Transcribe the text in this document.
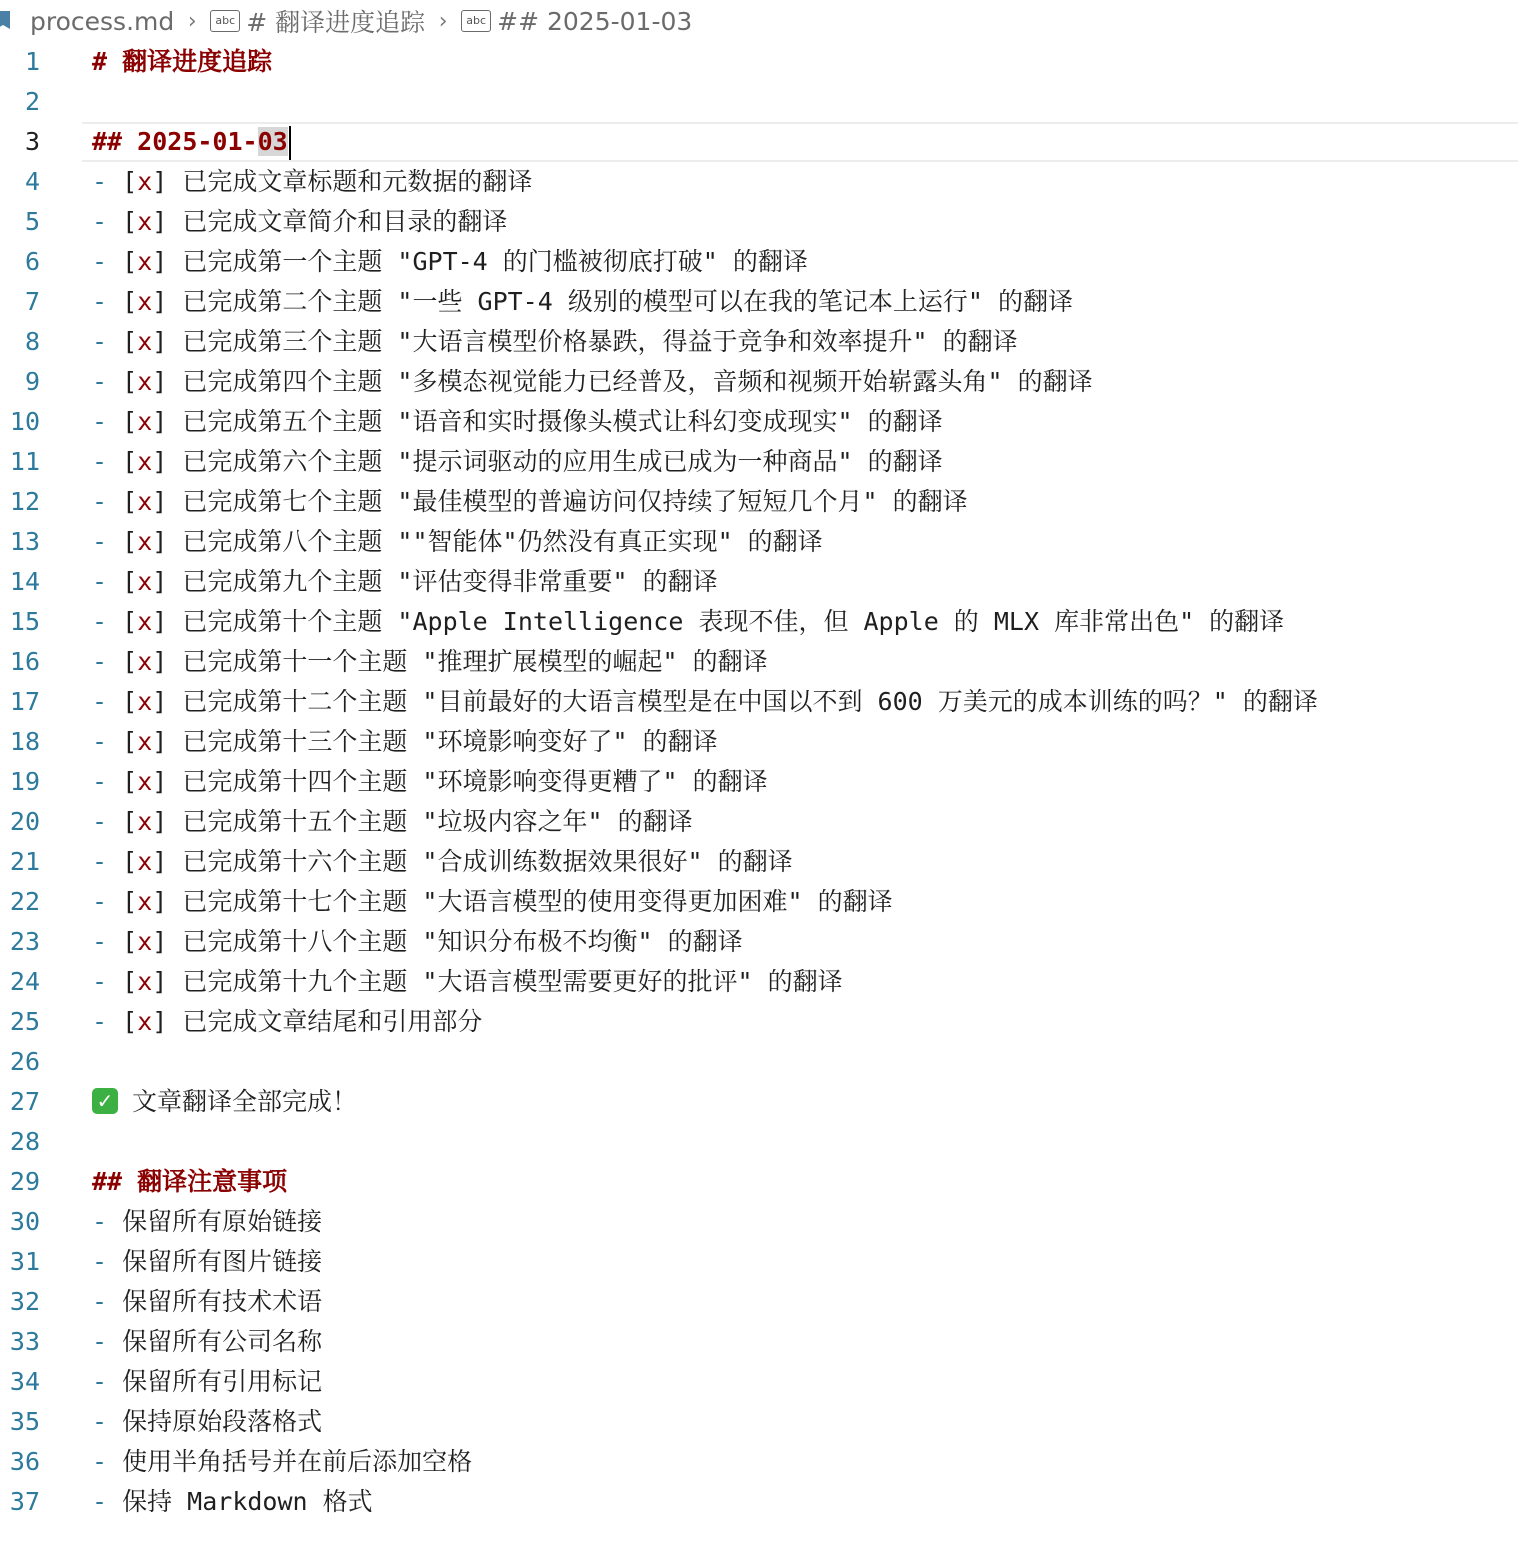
process.md ›	abc # 翻译进度追踪 ›	abc ## 2025-01-03
1 # 翻译进度追踪
2
3 ## 2025-01-03
4 - [x] 已完成文章标题和元数据的翻译
5 - [x] 已完成文章简介和目录的翻译
6 - [x] 已完成第一个主题 "GPT-4 的门槛被彻底打破" 的翻译
7 - [x] 已完成第二个主题 "一些 GPT-4 级别的模型可以在我的笔记本上运行" 的翻译
8 - [x] 已完成第三个主题 "大语言模型价格暴跌，得益于竞争和效率提升" 的翻译
9 - [x] 已完成第四个主题 "多模态视觉能力已经普及，音频和视频开始崭露头角" 的翻译
10 - [x] 已完成第五个主题 "语音和实时摄像头模式让科幻变成现实" 的翻译
11 - [x] 已完成第六个主题 "提示词驱动的应用生成已成为一种商品" 的翻译
12 - [x] 已完成第七个主题 "最佳模型的普遍访问仅持续了短短几个月" 的翻译
13 - [x] 已完成第八个主题 ""智能体"仍然没有真正实现" 的翻译
14 - [x] 已完成第九个主题 "评估变得非常重要" 的翻译
15 - [x] 已完成第十个主题 "Apple Intelligence 表现不佳，但 Apple 的 MLX 库非常出色" 的翻译
16 - [x] 已完成第十一个主题 "推理扩展模型的崛起" 的翻译
17 - [x] 已完成第十二个主题 "目前最好的大语言模型是在中国以不到 600 万美元的成本训练的吗？" 的翻译
18 - [x] 已完成第十三个主题 "环境影响变好了" 的翻译
19 - [x] 已完成第十四个主题 "环境影响变得更糟了" 的翻译
20 - [x] 已完成第十五个主题 "垃圾内容之年" 的翻译
21 - [x] 已完成第十六个主题 "合成训练数据效果很好" 的翻译
22 - [x] 已完成第十七个主题 "大语言模型的使用变得更加困难" 的翻译
23 - [x] 已完成第十八个主题 "知识分布极不均衡" 的翻译
24 - [x] 已完成第十九个主题 "大语言模型需要更好的批评" 的翻译
25 - [x] 已完成文章结尾和引用部分
26
27	✓ 文章翻译全部完成！
28
29 ## 翻译注意事项
30 - 保留所有原始链接
31 - 保留所有图片链接
32 - 保留所有技术术语
33 - 保留所有公司名称
34 - 保留所有引用标记
35 - 保持原始段落格式
36 - 使用半角括号并在前后添加空格
37 - 保持 Markdown 格式
